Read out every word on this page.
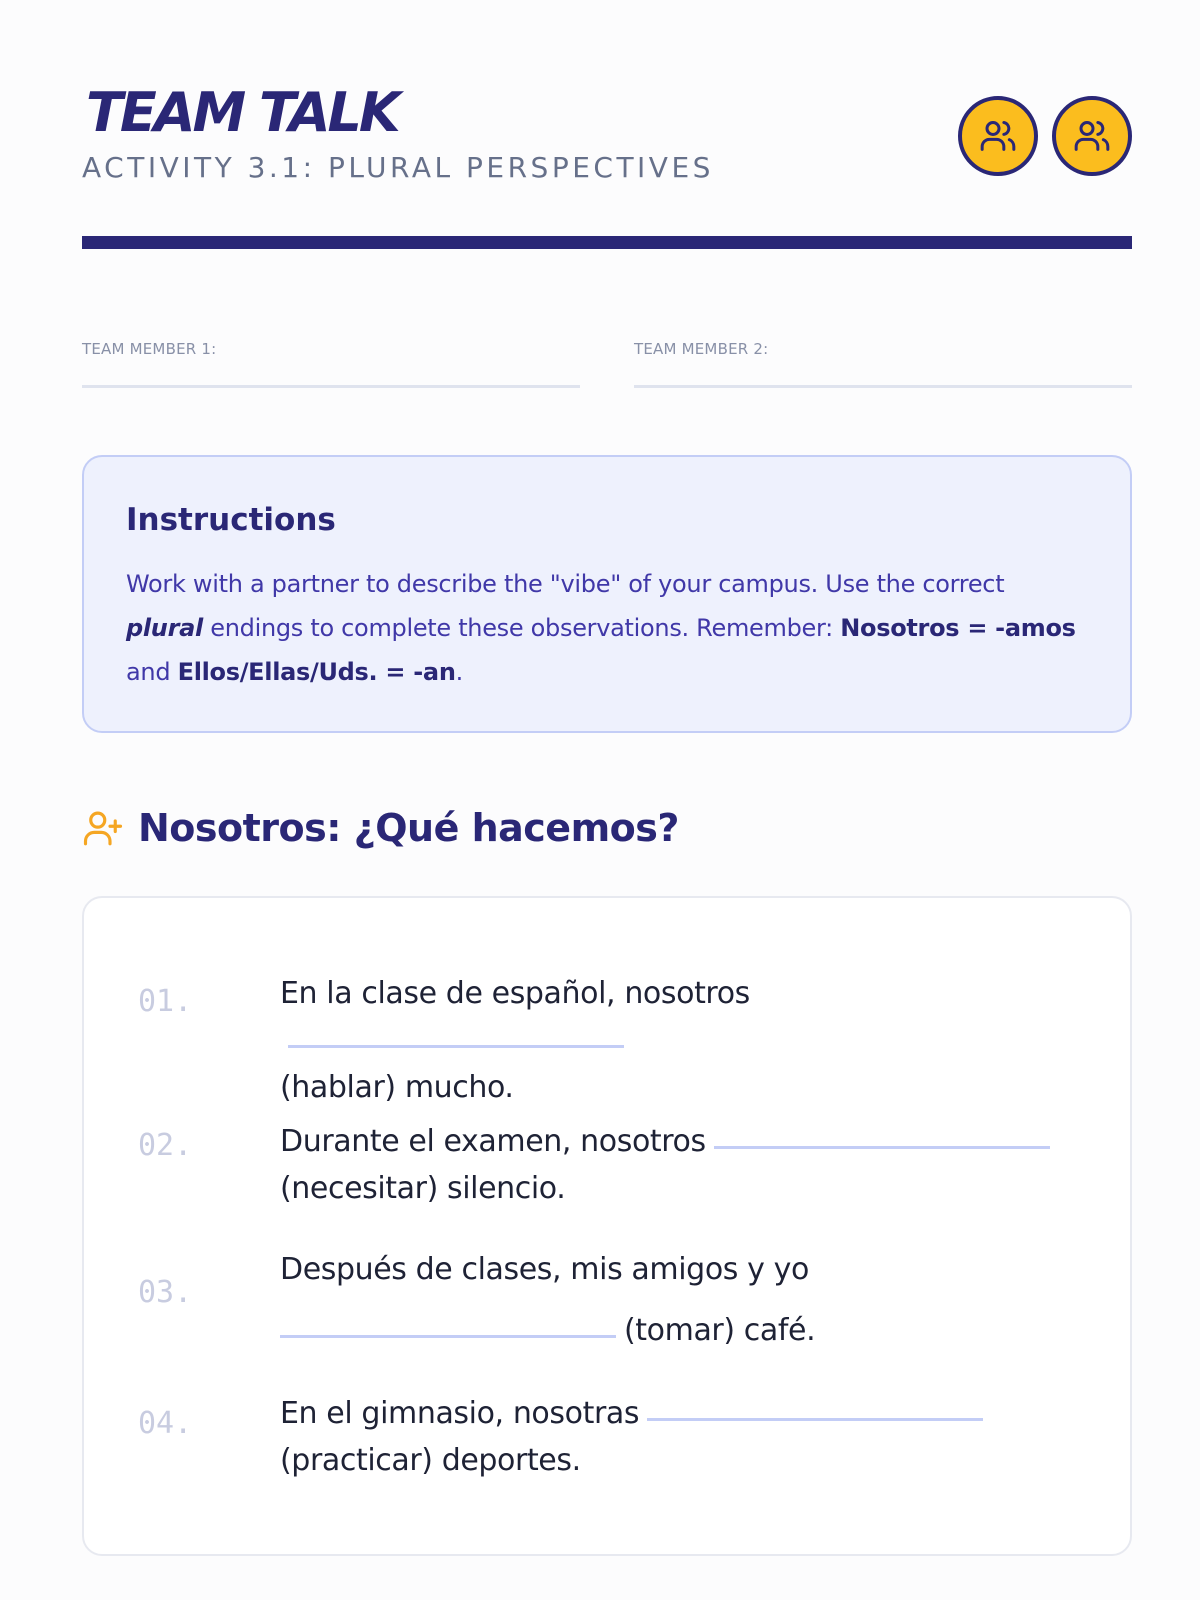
TEAM TALK
ACTIVITY 3.1: PLURAL PERSPECTIVES
TEAM MEMBER 1:	TEAM MEMBER 2:
Instructions

Work with a partner to describe the "vibe" of your campus. Use the correct plural endings to complete these observations. Remember: Nosotros = -amos and Ellos/Ellas/Uds. = -an.

Nosotros: ¿Qué hacemos?
01.	En la clase de español, nosotros
(hablar) mucho.
02.	Durante el examen, nosotros
(necesitar) silencio.
03.
Después de clases, mis amigos y yo
(tomar) café.
04.	En el gimnasio, nosotras
(practicar) deportes.
